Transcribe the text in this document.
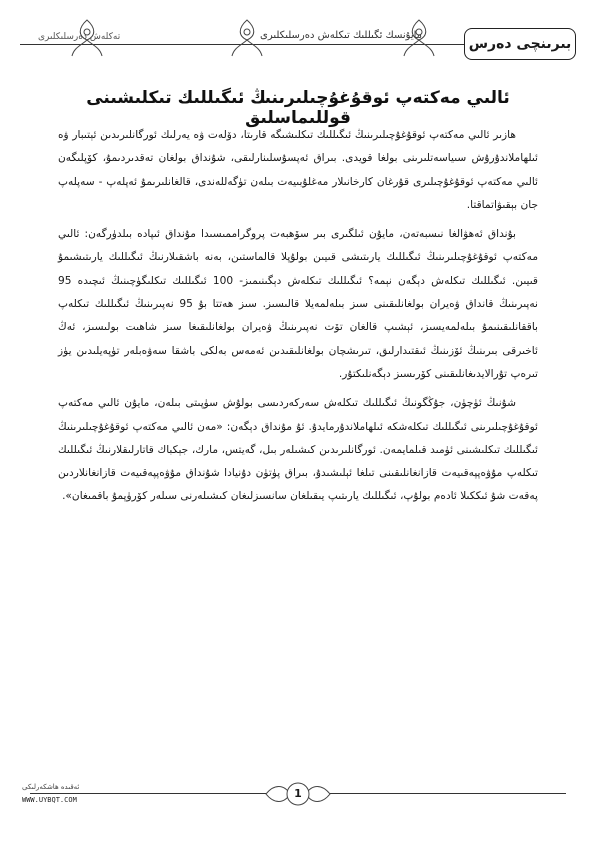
تەكلەش دەرسلىكلىرى	مايۇنسك ئگىللىك تىكلەش دەرسلىكلىرى
بىرىنچى دەرس
ئالىي مەكتەپ ئوقۇغۇچىلىرىنىڭ ئىگىللىك تىكلىشىنى قوللىماسلىق

ھازىر ئالىي مەكتەپ ئوقۇغۇچىلىرىنىڭ ئىگىللىك تىكلىشىگە قارىتا، دۆلەت ۋە يەرلىك ئورگانلىرىدىن ئېتىبار ۋە ئىلھاملاندۇرۇش سىياسەتلىرىنى بولغا قويدى. بىراق ئەپسۇسلىنارلىقى، شۇنداق بولغان تەقدىردىمۇ، كۆپلىگەن ئالىي مەكتەپ ئوقۇغۇچىلىرى قۇرغان كارخانىلار مەغلۇبىيەت بىلەن تۈگەللەندى، قالغانلىرىمۇ ئەپلەپ - سەپلەپ جان بېقىۋاتماقتا.

بۇنداق ئەھۋالغا نىسبەتەن، مايۇن ئىلگىرى بىر سۆھبەت پروگراممىسىدا مۇنداق ئىپادە بىلدۈرگەن: ئالىي مەكتەپ ئوقۇغۇچىلىرىنىڭ ئىگىللىك يارىتىشى قىيىن بولۇپلا قالماستىن، بەنە باشقىلارنىڭ ئىگىللىك يارىتىشىمۇ قىيىن. ئىگىللىك تىكلەش دېگەن نېمە؟ ئىگىللىك تىكلەش دېگىنىمىز- 100 ئىگىللىك تىكلىگۈچىنىڭ ئىچىدە 95 نەپىرىنىڭ قانداق ۋەيران بولغانلىقىنى سىز بىلەلمەيلا قالىسىز. سىز ھەتتا بۇ 95 نەپىرىنىڭ ئىگىللىك تىكلەپ باققانلىقىنىمۇ بىلەلمەيسىز، ئېشىپ قالغان تۆت نەپىرىنىڭ ۋەيران بولغانلىقىغا سىز شاھىت بولىسىز، ئەڭ ئاخىرقى بىرىنىڭ ئۆزىنىڭ ئىقتىدارلىق، تىرىشچان بولغانلىقىدىن ئەمەس بەلكى باشقا سەۋەبلەر تۈپەيلىدىن يۈز تىرەپ تۇرالايدىغانلىقىنى كۆرىسىز دېگەنلىكتۇر.

شۇنىڭ ئۈچۈن، جۇڭگونىڭ ئىگىللىك تىكلەش سەركەردىسى بولۇش سۈپىتى بىلەن، مايۇن ئالىي مەكتەپ ئوقۇغۇچىلىرىنى ئىگىللىك تىكلەشكە ئىلھاملاندۇرمايدۇ. ئۇ مۇنداق دېگەن: «مەن ئالىي مەكتەپ ئوقۇغۇچىلىرىنىڭ ئىگىللىك تىكلىشىنى ئۈمىد قىلمايمەن. ئورگانلىرىدىن كىشىلەر بىل، گەيتس، مارك، جېكباك قاتارلىقلارنىڭ ئىگىللىك تىكلەپ مۇۋەپپەقىيەت قازانغانلىقىنى تىلغا ئېلىشىدۇ، بىراق پۈتۈن دۇنيادا شۇنداق مۇۋەپپەقىيەت قازانغانلاردىن پەقەت شۇ ئىككىلا ئادەم بولۇپ، ئىگىللىك يارىتىپ يىقىلغان سانسىزلىغان كىشىلەرنى سىلەر كۆرۈپمۇ باقمىغان».

1
ئەقىدە ھاشكەرلىكى
WWW.UYBQT.COM
